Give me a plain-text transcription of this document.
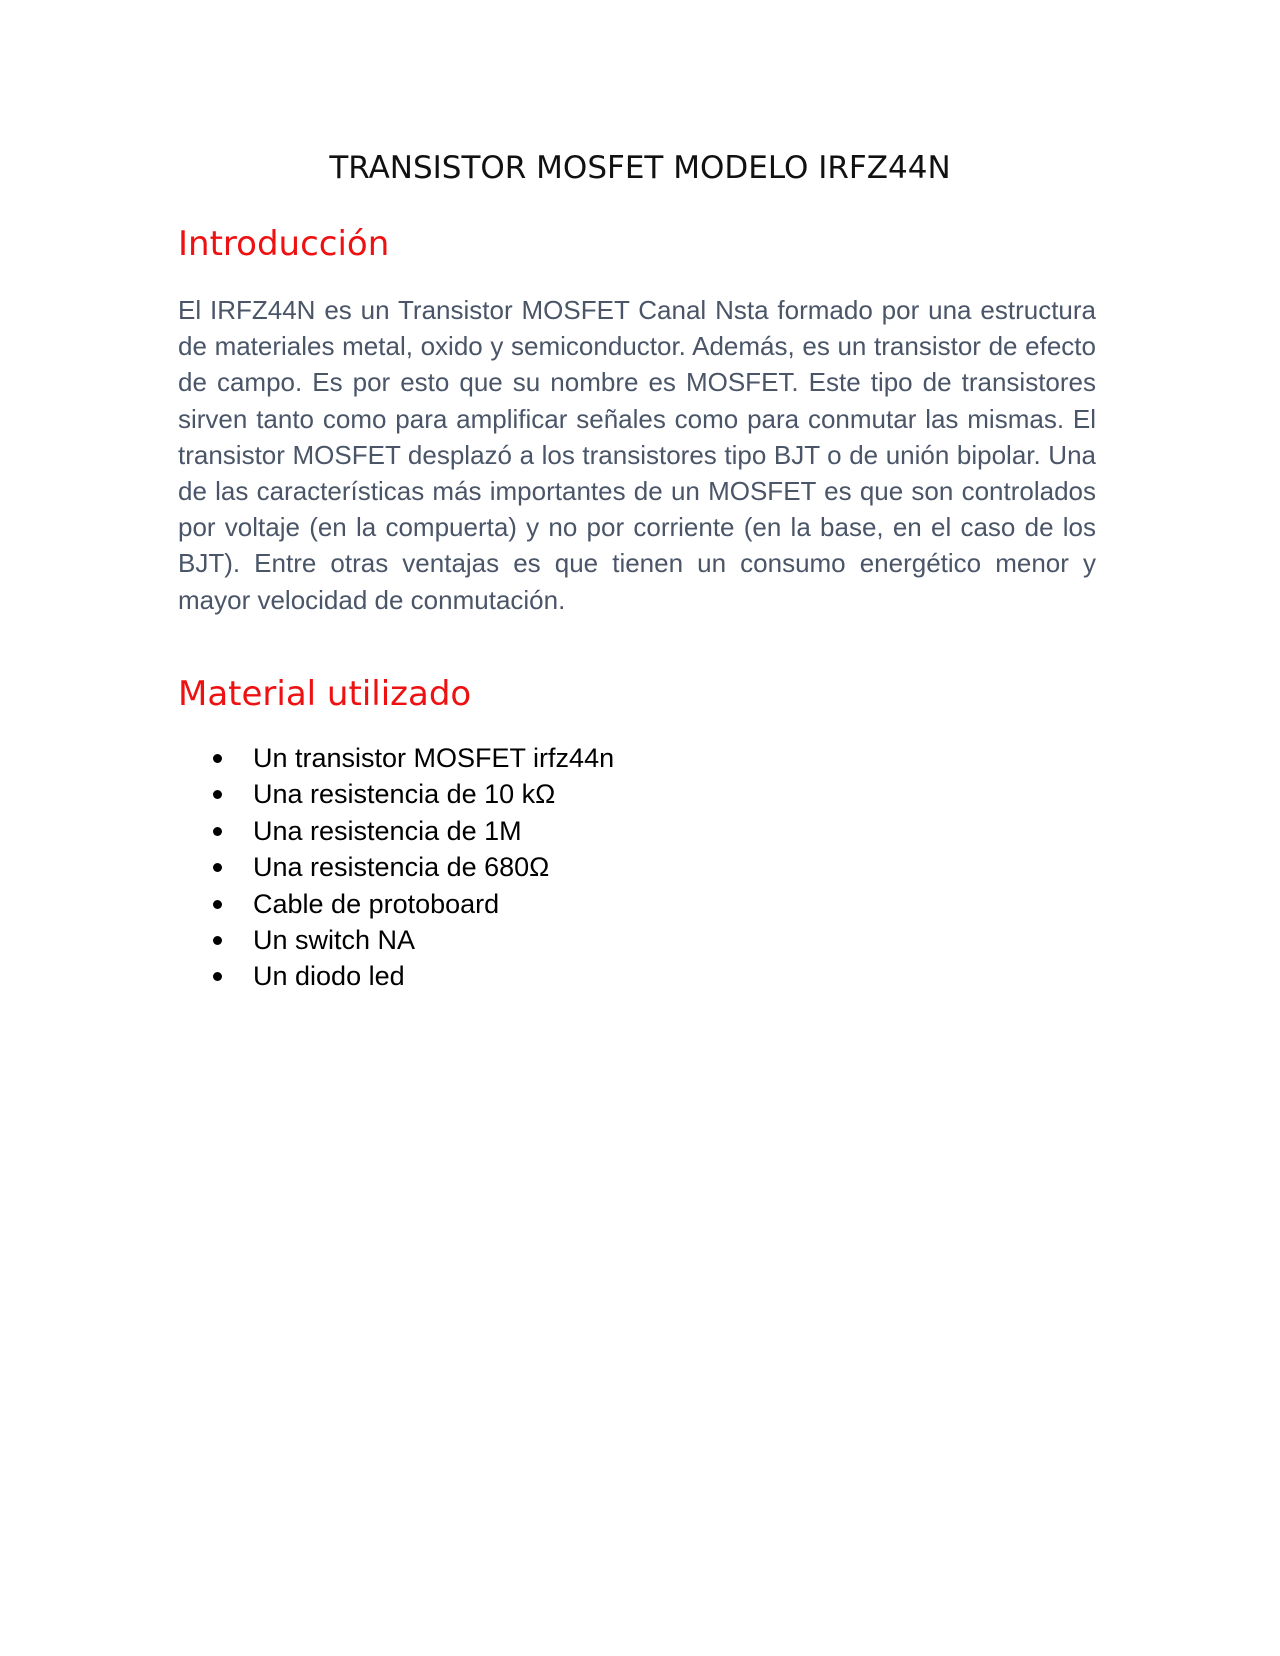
TRANSISTOR MOSFET MODELO IRFZ44N
Introducción

El IRFZ44N es un Transistor MOSFET Canal Nsta formado por una estructura de materiales metal, oxido y semiconductor. Además, es un transistor de efecto de campo. Es por esto que su nombre es MOSFET. Este tipo de transistores sirven tanto como para amplificar señales como para conmutar las mismas. El transistor MOSFET desplazó a los transistores tipo BJT o de unión bipolar. Una de las características más importantes de un MOSFET es que son controlados por voltaje (en la compuerta) y no por corriente (en la base, en el caso de los BJT). Entre otras ventajas es que tienen un consumo energético menor y mayor velocidad de conmutación.

Material utilizado
Un transistor MOSFET irfz44n
Una resistencia de 10 kΩ
Una resistencia de 1M
Una resistencia de 680Ω
Cable de protoboard
Un switch NA
Un diodo led
